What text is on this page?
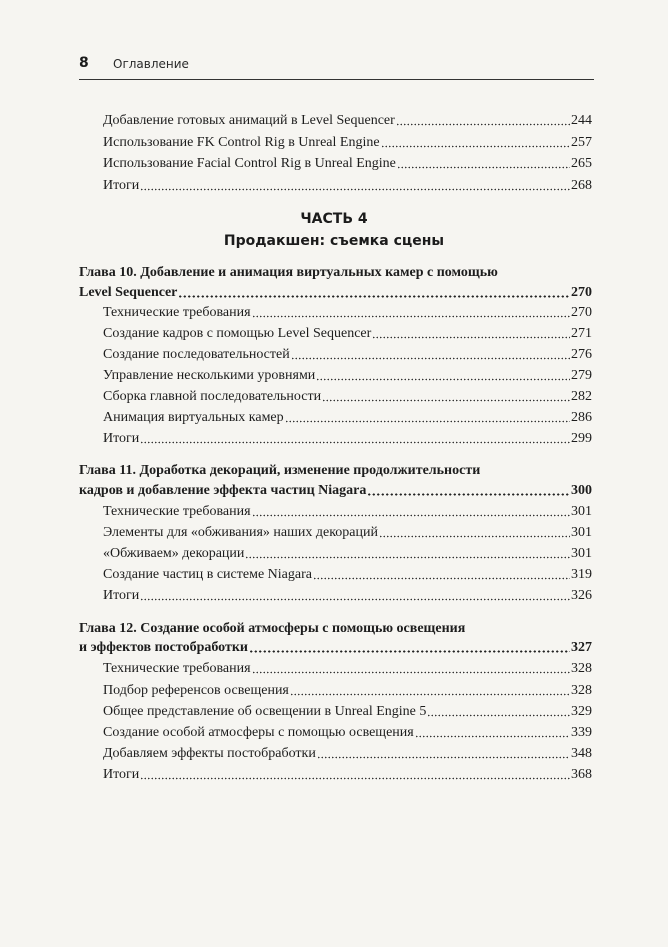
8 Оглавление
Добавление готовых анимаций в Level Sequencer	244
Использование FK Control Rig в Unreal Engine	257
Использование Facial Control Rig в Unreal Engine	265
Итоги	268
ЧАСТЬ 4
Продакшен: съемка сцены
Глава 10. Добавление и анимация виртуальных камер с помощью
Level Sequencer	270
Технические требования	270
Создание кадров с помощью Level Sequencer	271
Создание последовательностей	276
Управление несколькими уровнями	279
Сборка главной последовательности	282
Анимация виртуальных камер	286
Итоги	299
Глава 11. Доработка декораций, изменение продолжительности
кадров и добавление эффекта частиц Niagara	300
Технические требования	301
Элементы для «обживания» наших декораций	301
«Обживаем» декорации	301
Создание частиц в системе Niagara	319
Итоги	326
Глава 12. Создание особой атмосферы с помощью освещения
и эффектов постобработки	327
Технические требования	328
Подбор референсов освещения	328
Общее представление об освещении в Unreal Engine 5	329
Создание особой атмосферы с помощью освещения	339
Добавляем эффекты постобработки	348
Итоги	368
